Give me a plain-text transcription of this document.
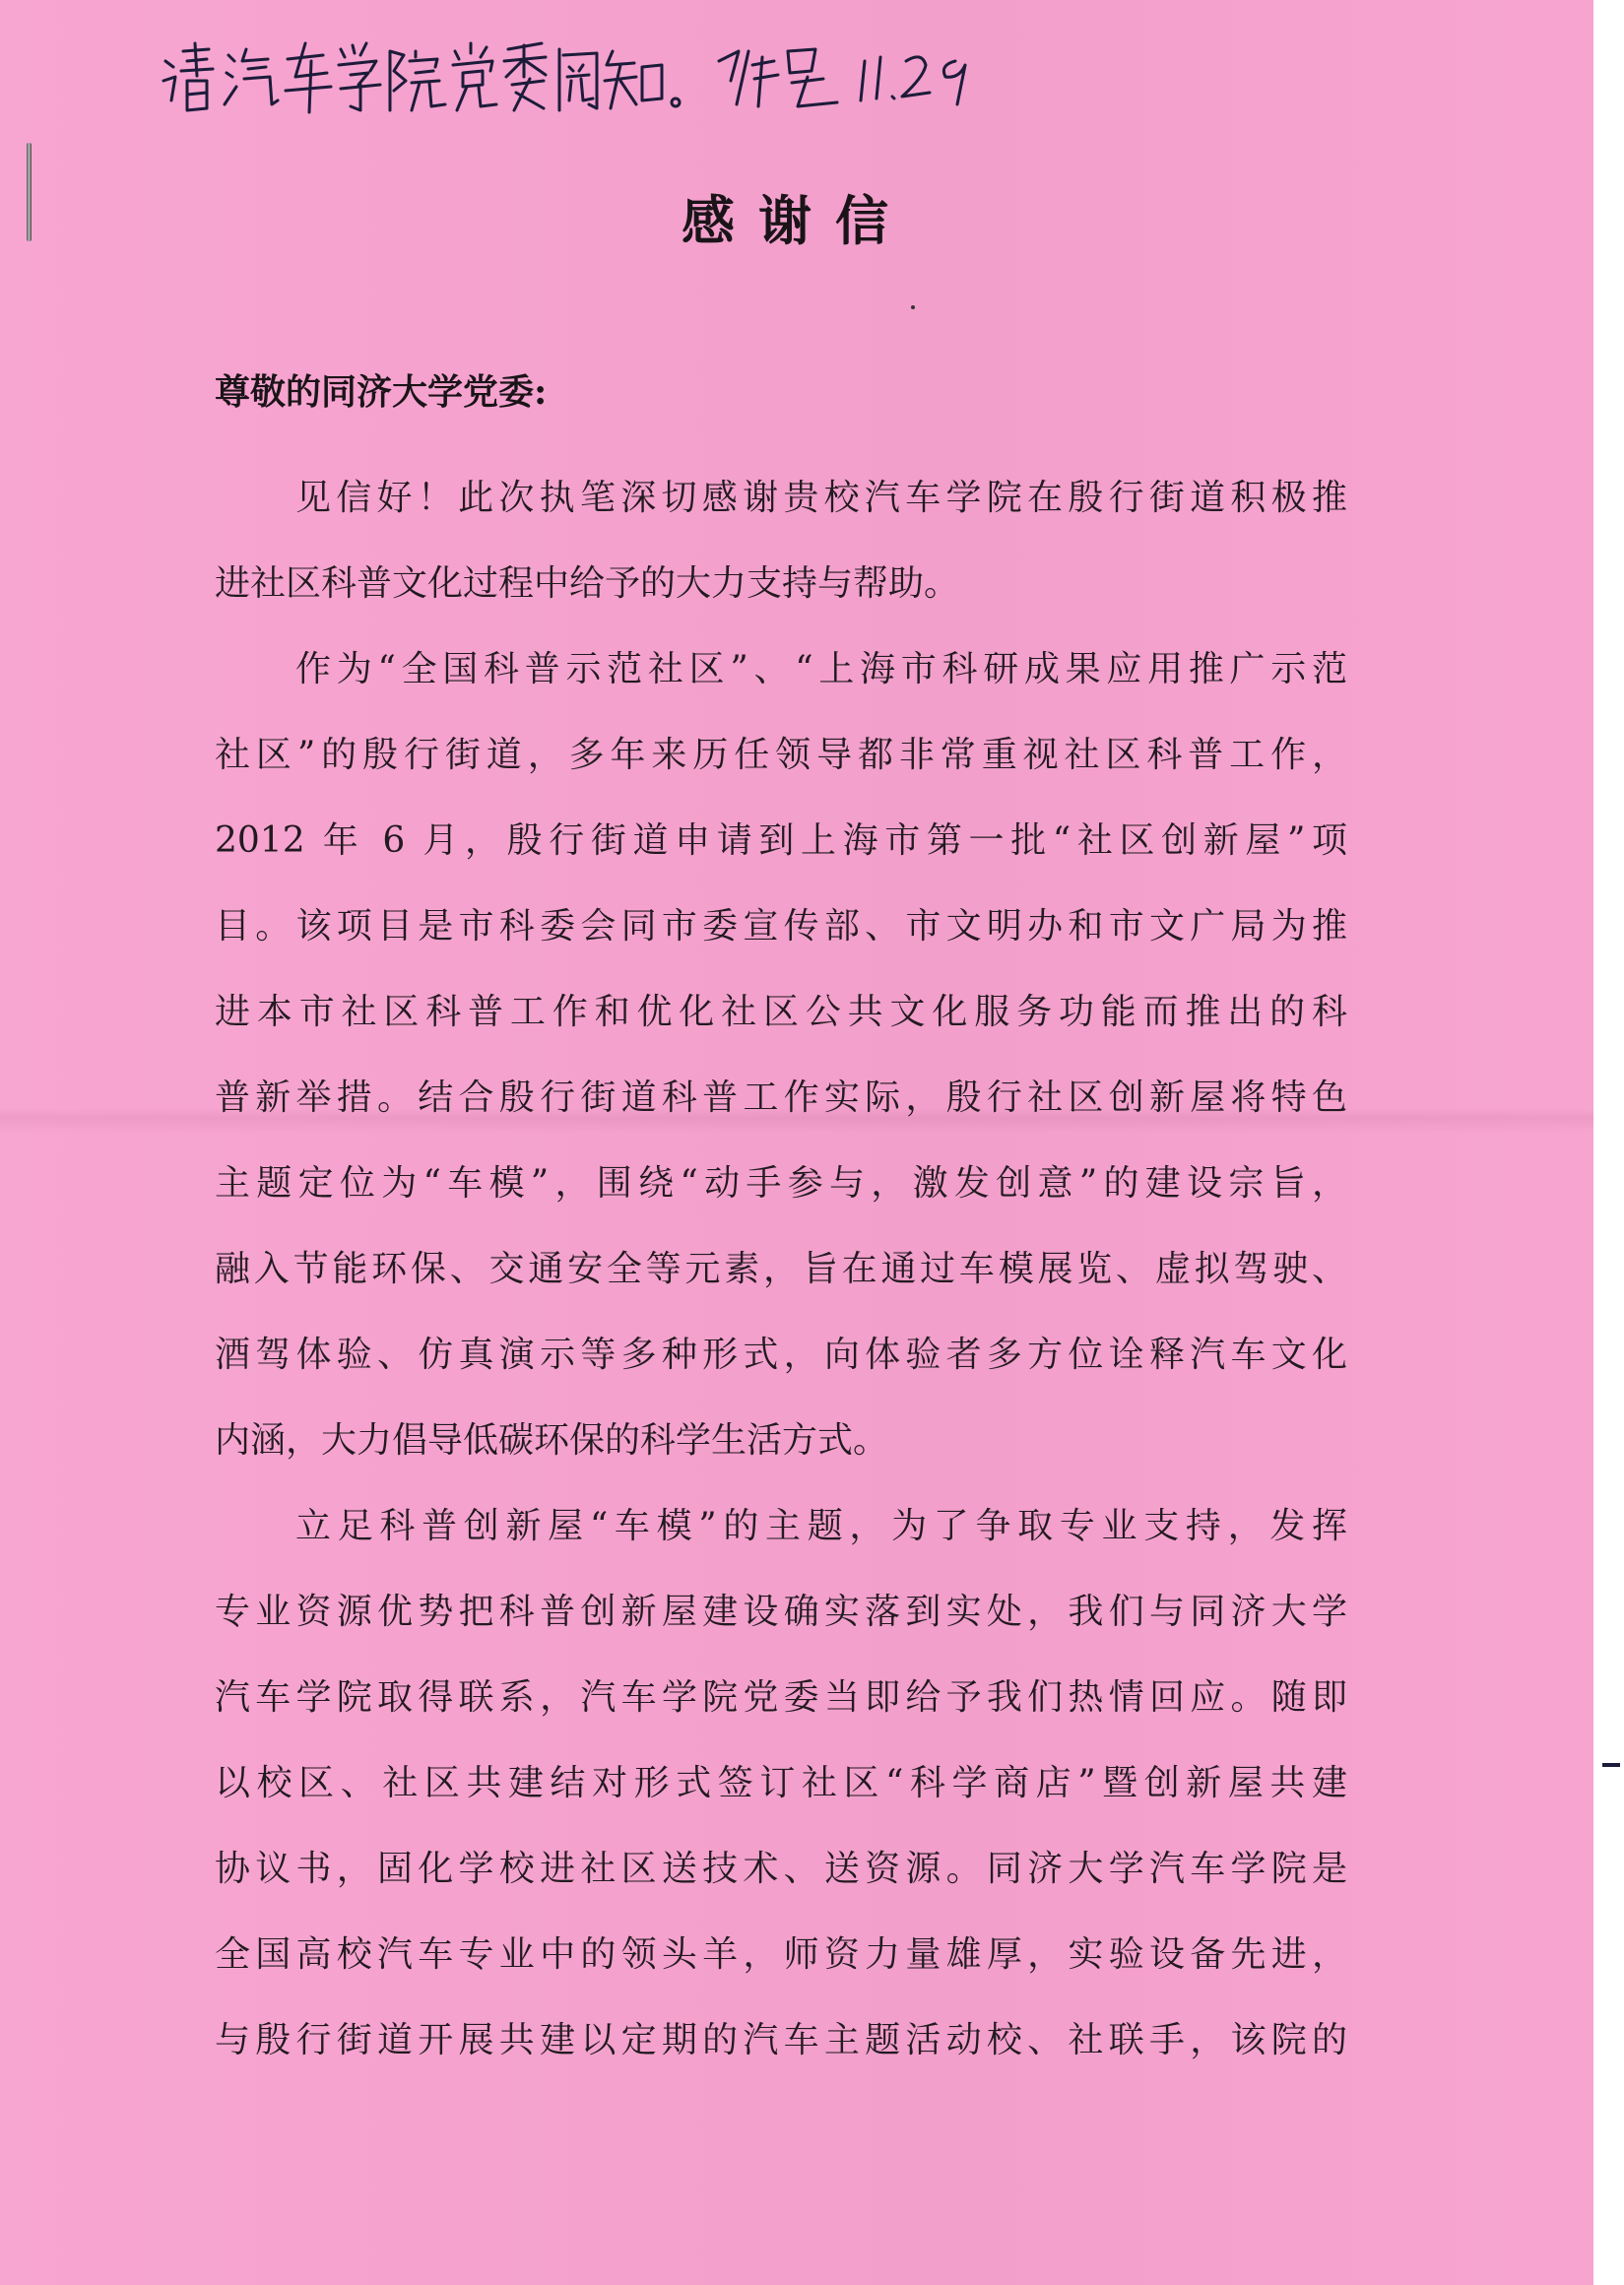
感谢信
尊敬的同济大学党委:
见信好！此次执笔深切感谢贵校汽车学院在殷行街道积极推
进社区科普文化过程中给予的大力支持与帮助。
作为“全国科普示范社区”、“上海市科研成果应用推广示范
社区”的殷行街道，多年来历任领导都非常重视社区科普工作，
2012 年 6 月，殷行街道申请到上海市第一批“社区创新屋”项
目。该项目是市科委会同市委宣传部、市文明办和市文广局为推
进本市社区科普工作和优化社区公共文化服务功能而推出的科
普新举措。结合殷行街道科普工作实际，殷行社区创新屋将特色
主题定位为“车模”，围绕“动手参与，激发创意”的建设宗旨，
融入节能环保、交通安全等元素，旨在通过车模展览、虚拟驾驶、
酒驾体验、仿真演示等多种形式，向体验者多方位诠释汽车文化
内涵，大力倡导低碳环保的科学生活方式。
立足科普创新屋“车模”的主题，为了争取专业支持，发挥
专业资源优势把科普创新屋建设确实落到实处，我们与同济大学
汽车学院取得联系，汽车学院党委当即给予我们热情回应。随即
以校区、社区共建结对形式签订社区“科学商店”暨创新屋共建
协议书，固化学校进社区送技术、送资源。同济大学汽车学院是
全国高校汽车专业中的领头羊，师资力量雄厚，实验设备先进，
与殷行街道开展共建以定期的汽车主题活动校、社联手，该院的
